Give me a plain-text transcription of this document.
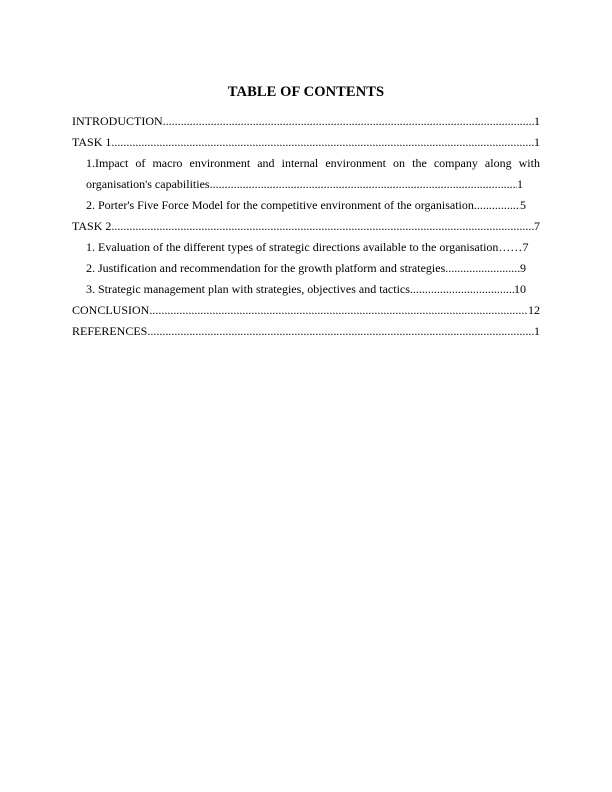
TABLE OF CONTENTS
INTRODUCTION .....	1
TASK 1 .....	1
1.Impact of macro environment and internal environment on the company along with
organisation's capabilities .....	1
2. Porter's Five Force Model for the competitive environment of the organisation .....	5
TASK 2 .....	7
1. Evaluation of the different types of strategic directions available to the organisation…… 7
2. Justification and recommendation for the growth platform and strategies .....	9
3. Strategic management plan with strategies, objectives and tactics .....	10
CONCLUSION .....	12
REFERENCES .....	1
